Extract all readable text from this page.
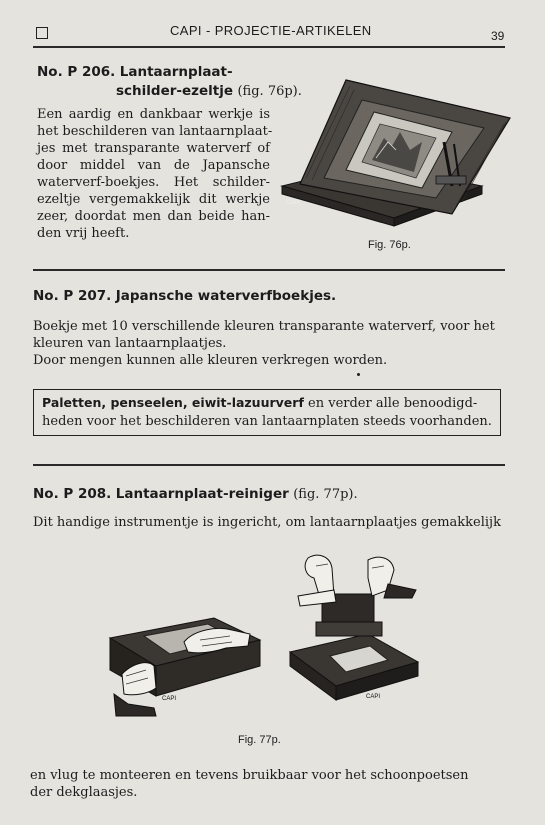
CAPI - PROJECTIE-ARTIKELEN	39
No. P 206. Lantaarnplaat-
schilder-ezeltje (fig. 76p).
Een aardig en dankbaar werkje is
het beschilderen van lantaarnplaat-
jes met transparante waterverf of
door middel van de Japansche
waterverf-boekjes. Het schilder-
ezeltje vergemakkelijk dit werkje
zeer, doordat men dan beide han-
den vrij heeft.
CAPI
Fig. 76p.
No. P 207. Japansche waterverfboekjes.
Boekje met 10 verschillende kleuren transparante waterverf, voor het
kleuren van lantaarnplaatjes.
Door mengen kunnen alle kleuren verkregen worden.
Paletten, penseelen, eiwit-lazuurverf en verder alle benoodigd-
heden voor het beschilderen van lantaarnplaten steeds voorhanden.
No. P 208. Lantaarnplaat-reiniger (fig. 77p).
Dit handige instrumentje is ingericht, om lantaarnplaatjes gemakkelijk
CAPI	CAPI
Fig. 77p.
en vlug te monteeren en tevens bruikbaar voor het schoonpoetsen
der dekglaasjes.
